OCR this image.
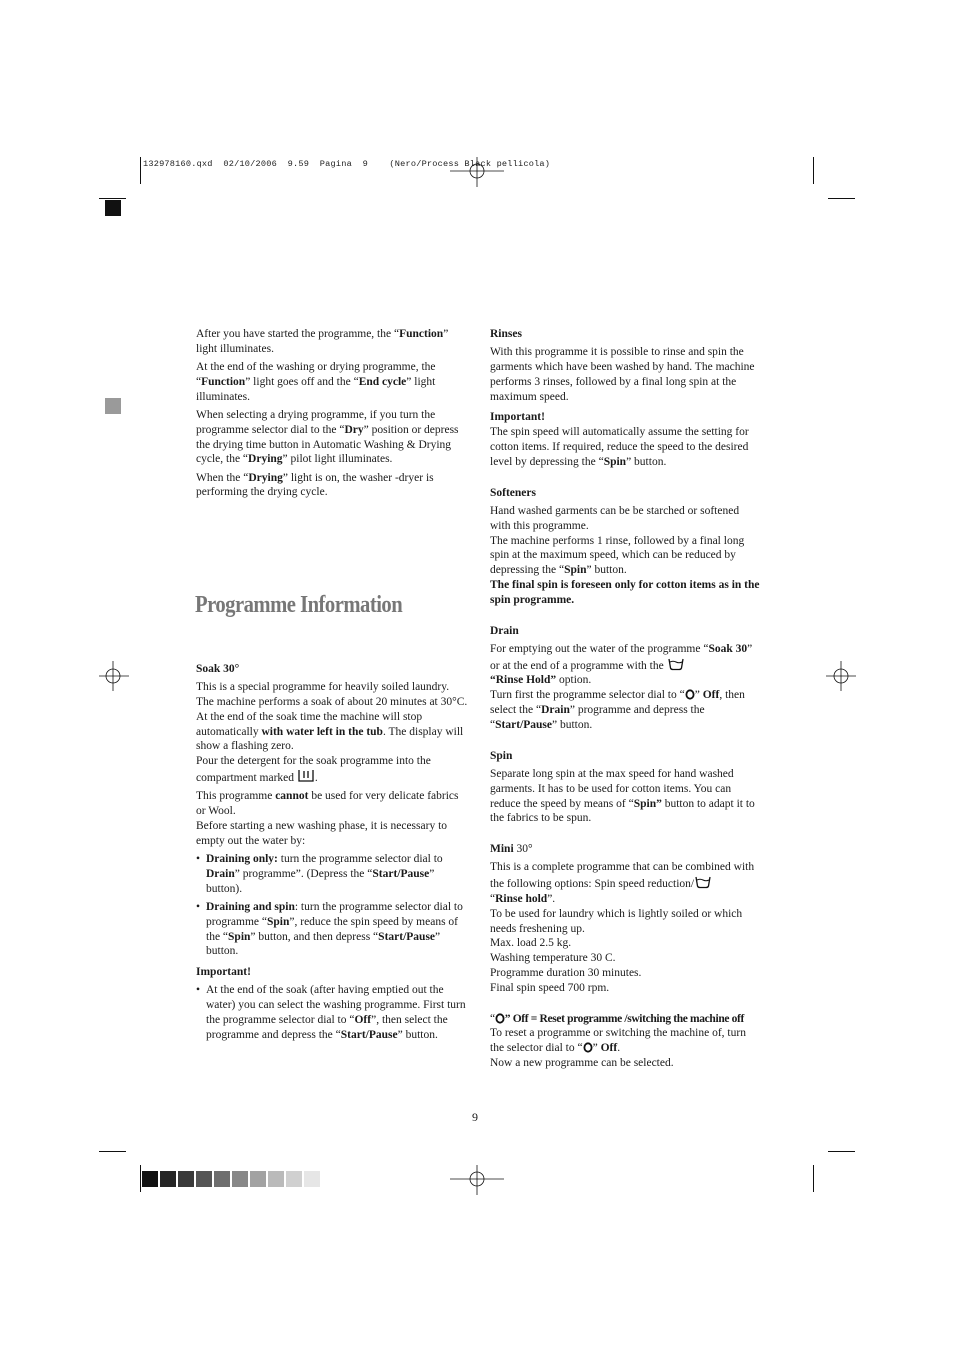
132978160.qxd  02/10/2006  9.59  Pagina  9    (Nero/Process Black pellicola)

After you have started the programme, the “Function” light illuminates.

At the end of the washing or drying programme, the “Function” light goes off and the “End cycle” light illuminates.

When selecting a drying programme, if you turn the programme selector dial to the “Dry” position or depress the drying time button in Automatic Washing & Drying cycle, the “Drying” pilot light illuminates.

When the “Drying” light is on, the washer -dryer is performing the drying cycle.

Programme Information
Soak 30°

This is a special programme for heavily soiled laundry. The machine performs a soak of about 20 minutes at 30°C. At the end of the soak time the machine will stop automatically with water left in the tub. The display will show a flashing zero.

Pour the detergent for the soak programme into the compartment marked .

This programme cannot be used for very delicate fabrics or Wool.

Before starting a new washing phase, it is necessary to empty out the water by:

• Draining only: turn the programme selector dial to Drain” programme”. (Depress the “Start/Pause” button).
• Draining and spin: turn the programme selector dial to programme “Spin”, reduce the spin speed by means of the “Spin” button, and then depress “Start/Pause” button.
Important!
• At the end of the soak (after having emptied out the water) you can select the washing programme. First turn the programme selector dial to “Off”, then select the programme and depress the “Start/Pause” button.
Rinses

With this programme it is possible to rinse and spin the garments which have been washed by hand. The machine performs 3 rinses, followed by a final long spin at the maximum speed.

Important!

The spin speed will automatically assume the setting for cotton items. If required, reduce the speed to the desired level by depressing the “Spin” button.

Softeners

Hand washed garments can be be starched or softened with this programme.

The machine performs 1 rinse, followed by a final long spin at the maximum speed, which can be reduced by depressing the “Spin” button.

The final spin is foreseen only for cotton items as in the spin programme.

Drain

For emptying out the water of the programme “Soak 30” or at the end of a programme with the
“Rinse Hold” option.

Turn first the programme selector dial to “ ” Off, then select the “Drain” programme and depress the “Start/Pause” button.

Spin

Separate long spin at the max speed for hand washed garments. It has to be used for cotton items. You can reduce the speed by means of “Spin” button to adapt it to the fabrics to be spun.

Mini 30°

This is a complete programme that can be combined with the following options: Spin speed reduction/
“Rinse hold”.

To be used for laundry which is lightly soiled or which needs freshening up.

Max. load 2.5 kg.

Washing temperature 30 C.

Programme duration 30 minutes.

Final spin speed 700 rpm.

“ ” Off = Reset programme /switching the machine off

To reset a programme or switching the machine of, turn the selector dial to “ ” Off.

Now a new programme can be selected.

9
